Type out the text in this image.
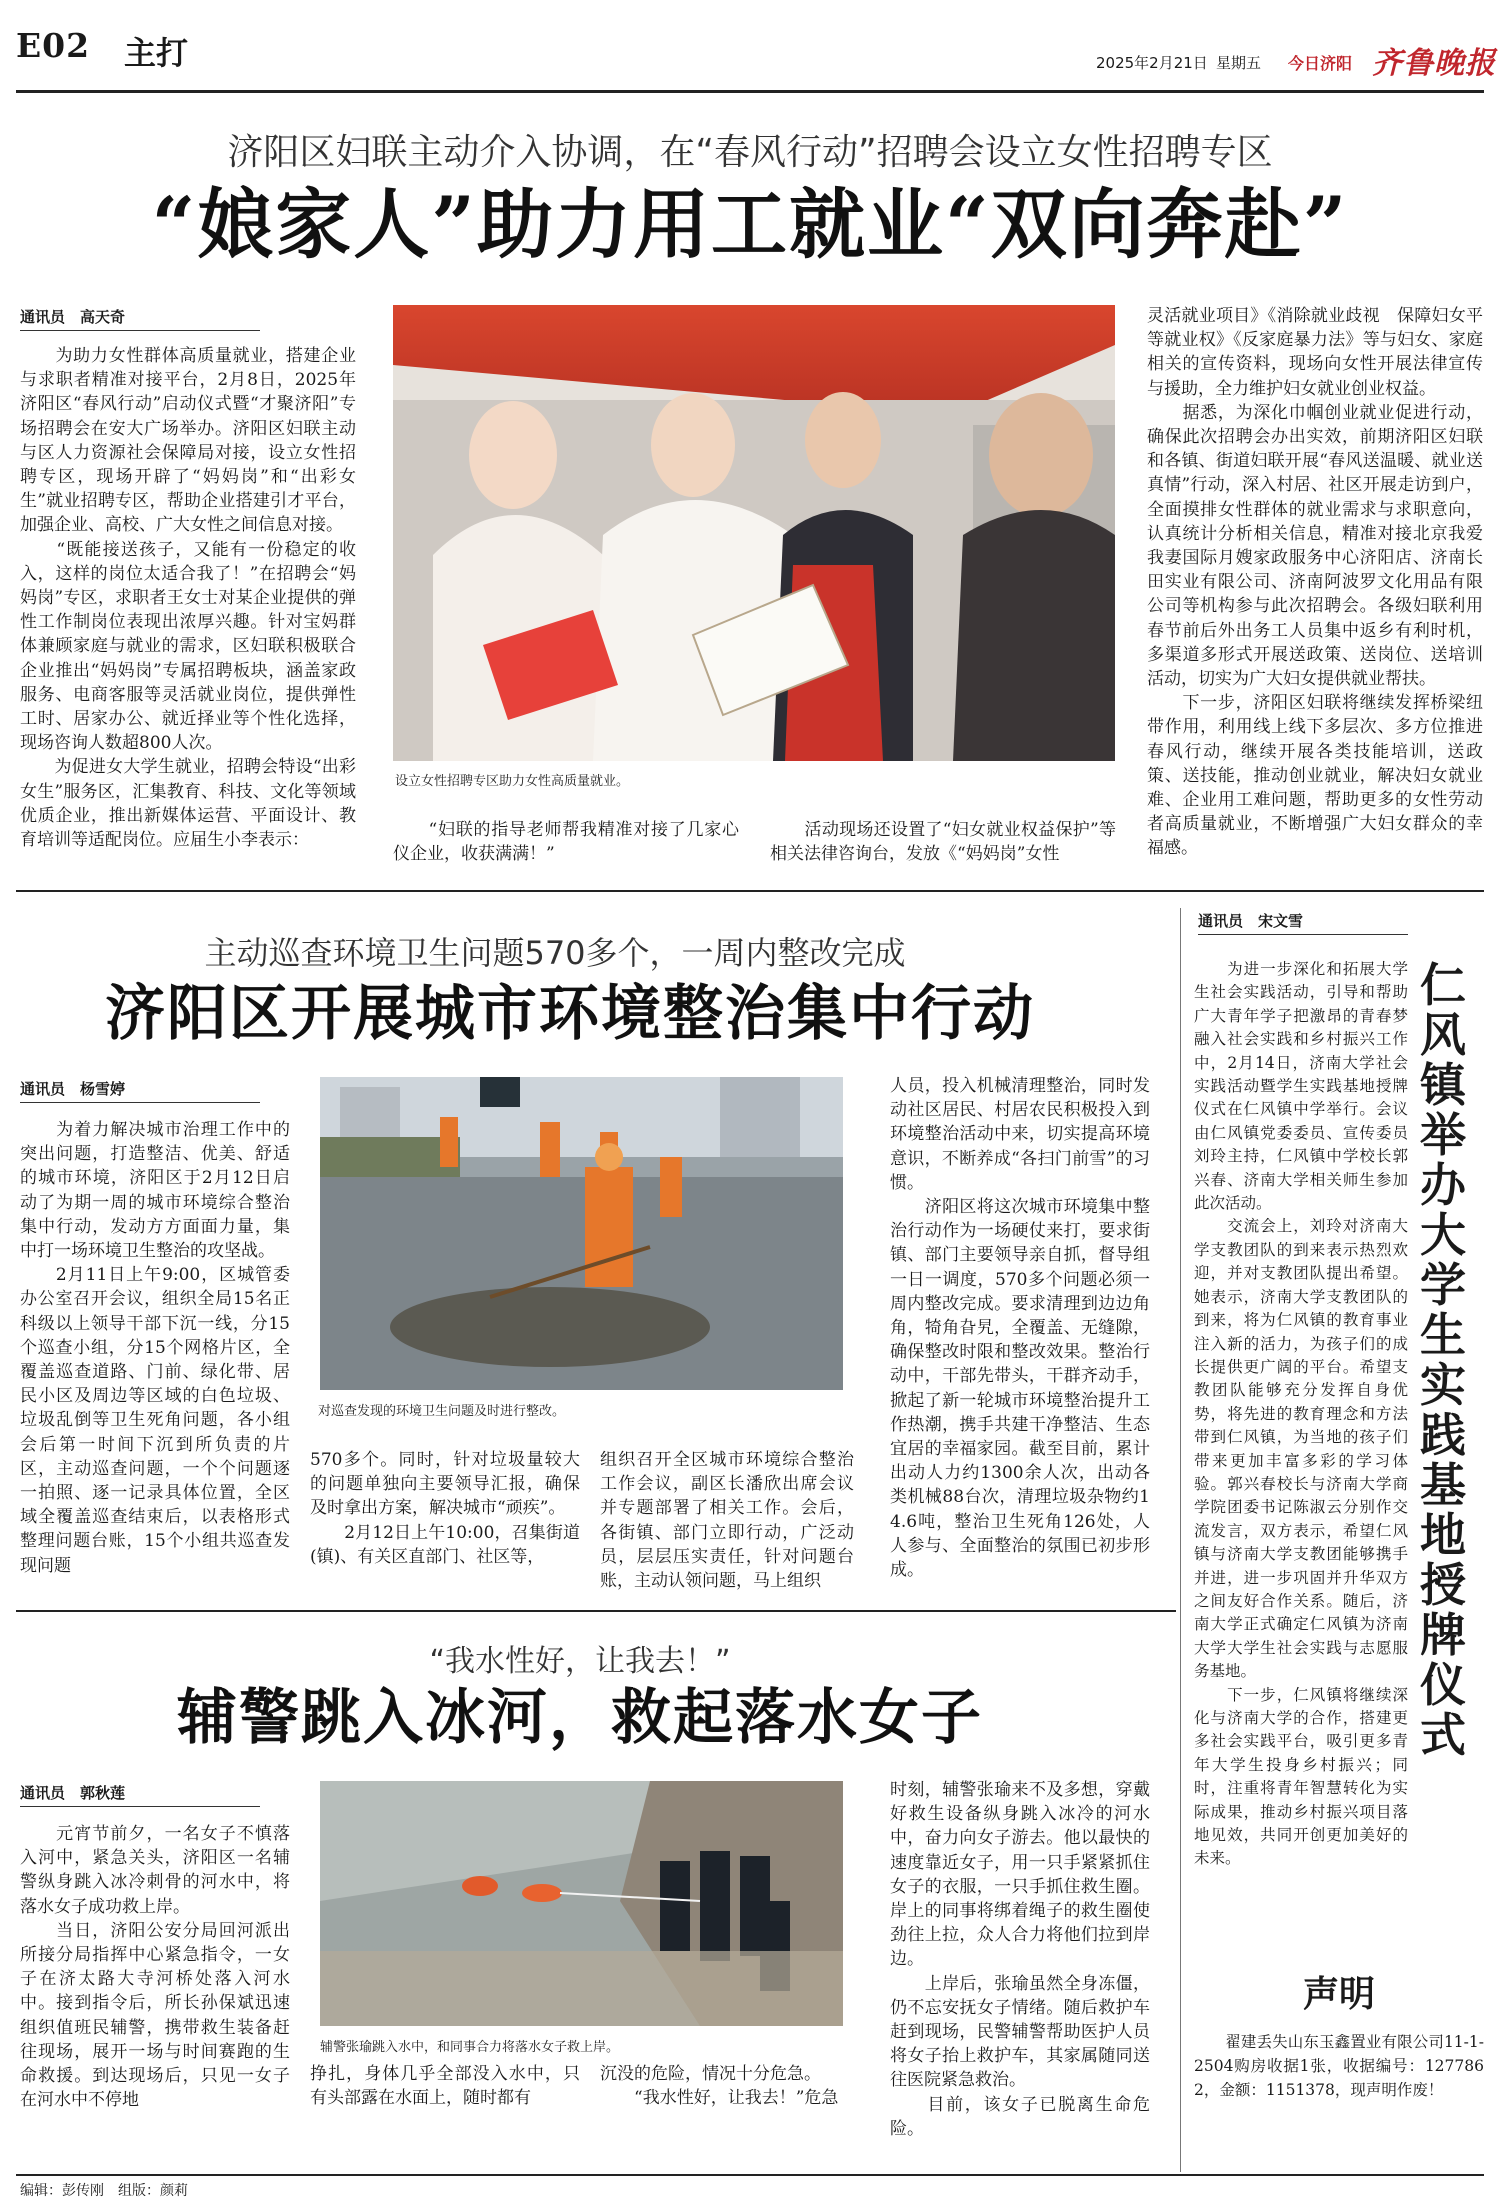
E02 主打	2025年2月21日 星期五 今日济阳 齐鲁晚报
济阳区妇联主动介入协调，在“春风行动”招聘会设立女性招聘专区
“娘家人”助力用工就业“双向奔赴”
通讯员　高天奇
　　为助力女性群体高质量就业，搭建企业与求职者精准对接平台，2月8日，2025年济阳区“春风行动”启动仪式暨“才聚济阳”专场招聘会在安大广场举办。济阳区妇联主动与区人力资源社会保障局对接，设立女性招聘专区，现场开辟了“妈妈岗”和“出彩女生”就业招聘专区，帮助企业搭建引才平台，加强企业、高校、广大女性之间信息对接。
　　“既能接送孩子，又能有一份稳定的收入，这样的岗位太适合我了！”在招聘会“妈妈岗”专区，求职者王女士对某企业提供的弹性工作制岗位表现出浓厚兴趣。针对宝妈群体兼顾家庭与就业的需求，区妇联积极联合企业推出“妈妈岗”专属招聘板块，涵盖家政服务、电商客服等灵活就业岗位，提供弹性工时、居家办公、就近择业等个性化选择，现场咨询人数超800人次。
　　为促进女大学生就业，招聘会特设“出彩女生”服务区，汇集教育、科技、文化等领域优质企业，推出新媒体运营、平面设计、教育培训等适配岗位。应届生小李表示：
设立女性招聘专区助力女性高质量就业。
　　“妇联的指导老师帮我精准对接了几家心仪企业，收获满满！”
　　活动现场还设置了“妇女就业权益保护”等相关法律咨询台，发放《“妈妈岗”女性
灵活就业项目》《消除就业歧视　保障妇女平等就业权》《反家庭暴力法》等与妇女、家庭相关的宣传资料，现场向女性开展法律宣传与援助，全力维护妇女就业创业权益。
　　据悉，为深化巾帼创业就业促进行动，确保此次招聘会办出实效，前期济阳区妇联和各镇、街道妇联开展“春风送温暖、就业送真情”行动，深入村居、社区开展走访到户，全面摸排女性群体的就业需求与求职意向，认真统计分析相关信息，精准对接北京我爱我妻国际月嫂家政服务中心济阳店、济南长田实业有限公司、济南阿波罗文化用品有限公司等机构参与此次招聘会。各级妇联利用春节前后外出务工人员集中返乡有利时机，多渠道多形式开展送政策、送岗位、送培训活动，切实为广大妇女提供就业帮扶。
　　下一步，济阳区妇联将继续发挥桥梁纽带作用，利用线上线下多层次、多方位推进春风行动，继续开展各类技能培训，送政策、送技能，推动创业就业，解决妇女就业难、企业用工难问题，帮助更多的女性劳动者高质量就业，不断增强广大妇女群众的幸福感。
主动巡查环境卫生问题570多个，一周内整改完成
济阳区开展城市环境整治集中行动
通讯员　杨雪婷
　　为着力解决城市治理工作中的突出问题，打造整洁、优美、舒适的城市环境，济阳区于2月12日启动了为期一周的城市环境综合整治集中行动，发动方方面面力量，集中打一场环境卫生整治的攻坚战。
　　2月11日上午9:00，区城管委办公室召开会议，组织全局15名正科级以上领导干部下沉一线，分15个巡查小组，分15个网格片区，全覆盖巡查道路、门前、绿化带、居民小区及周边等区域的白色垃圾、垃圾乱倒等卫生死角问题，各小组会后第一时间下沉到所负责的片区，主动巡查问题，一个个问题逐一拍照、逐一记录具体位置，全区域全覆盖巡查结束后，以表格形式整理问题台账，15个小组共巡查发现问题
对巡查发现的环境卫生问题及时进行整改。
570多个。同时，针对垃圾量较大的问题单独向主要领导汇报，确保及时拿出方案，解决城市“顽疾”。
　　2月12日上午10:00，召集街道(镇)、有关区直部门、社区等，
组织召开全区城市环境综合整治工作会议，副区长潘欣出席会议并专题部署了相关工作。会后，各街镇、部门立即行动，广泛动员，层层压实责任，针对问题台账，主动认领问题，马上组织
人员，投入机械清理整治，同时发动社区居民、村居农民积极投入到环境整治活动中来，切实提高环境意识，不断养成“各扫门前雪”的习惯。
　　济阳区将这次城市环境集中整治行动作为一场硬仗来打，要求街镇、部门主要领导亲自抓，督导组一日一调度，570多个问题必须一周内整改完成。要求清理到边边角角，犄角旮旯，全覆盖、无缝隙，确保整改时限和整改效果。整治行动中，干部先带头，干群齐动手，掀起了新一轮城市环境整治提升工作热潮，携手共建干净整洁、生态宜居的幸福家园。截至目前，累计出动人力约1300余人次，出动各类机械88台次，清理垃圾杂物约14.6吨，整治卫生死角126处，人人参与、全面整治的氛围已初步形成。
“我水性好，让我去！”
辅警跳入冰河，救起落水女子
通讯员　郭秋莲
　　元宵节前夕，一名女子不慎落入河中，紧急关头，济阳区一名辅警纵身跳入冰冷刺骨的河水中，将落水女子成功救上岸。
　　当日，济阳公安分局回河派出所接分局指挥中心紧急指令，一女子在济太路大寺河桥处落入河水中。接到指令后，所长孙保斌迅速组织值班民辅警，携带救生装备赶往现场，展开一场与时间赛跑的生命救援。到达现场后，只见一女子在河水中不停地
辅警张瑜跳入水中，和同事合力将落水女子救上岸。
挣扎，身体几乎全部没入水中，只有头部露在水面上，随时都有
沉没的危险，情况十分危急。
　　“我水性好，让我去！”危急
时刻，辅警张瑜来不及多想，穿戴好救生设备纵身跳入冰冷的河水中，奋力向女子游去。他以最快的速度靠近女子，用一只手紧紧抓住女子的衣服，一只手抓住救生圈。岸上的同事将绑着绳子的救生圈使劲往上拉，众人合力将他们拉到岸边。
　　上岸后，张瑜虽然全身冻僵，仍不忘安抚女子情绪。随后救护车赶到现场，民警辅警帮助医护人员将女子抬上救护车，其家属随同送往医院紧急救治。
　　目前，该女子已脱离生命危险。
通讯员　宋文雪
仁风镇举办大学生实践基地授牌仪式
　　为进一步深化和拓展大学生社会实践活动，引导和帮助广大青年学子把激昂的青春梦融入社会实践和乡村振兴工作中，2月14日，济南大学社会实践活动暨学生实践基地授牌仪式在仁风镇中学举行。会议由仁风镇党委委员、宣传委员刘玲主持，仁风镇中学校长郭兴春、济南大学相关师生参加此次活动。
　　交流会上，刘玲对济南大学支教团队的到来表示热烈欢迎，并对支教团队提出希望。她表示，济南大学支教团队的到来，将为仁风镇的教育事业注入新的活力，为孩子们的成长提供更广阔的平台。希望支教团队能够充分发挥自身优势，将先进的教育理念和方法带到仁风镇，为当地的孩子们带来更加丰富多彩的学习体验。郭兴春校长与济南大学商学院团委书记陈淑云分别作交流发言，双方表示，希望仁风镇与济南大学支教团能够携手并进，进一步巩固并升华双方之间友好合作关系。随后，济南大学正式确定仁风镇为济南大学大学生社会实践与志愿服务基地。
　　下一步，仁风镇将继续深化与济南大学的合作，搭建更多社会实践平台，吸引更多青年大学生投身乡村振兴；同时，注重将青年智慧转化为实际成果，推动乡村振兴项目落地见效，共同开创更加美好的未来。
声明
　　翟建丢失山东玉鑫置业有限公司11-1-2504购房收据1张，收据编号：1277862，金额：1151378，现声明作废！
编辑：彭传刚　组版：颜莉
